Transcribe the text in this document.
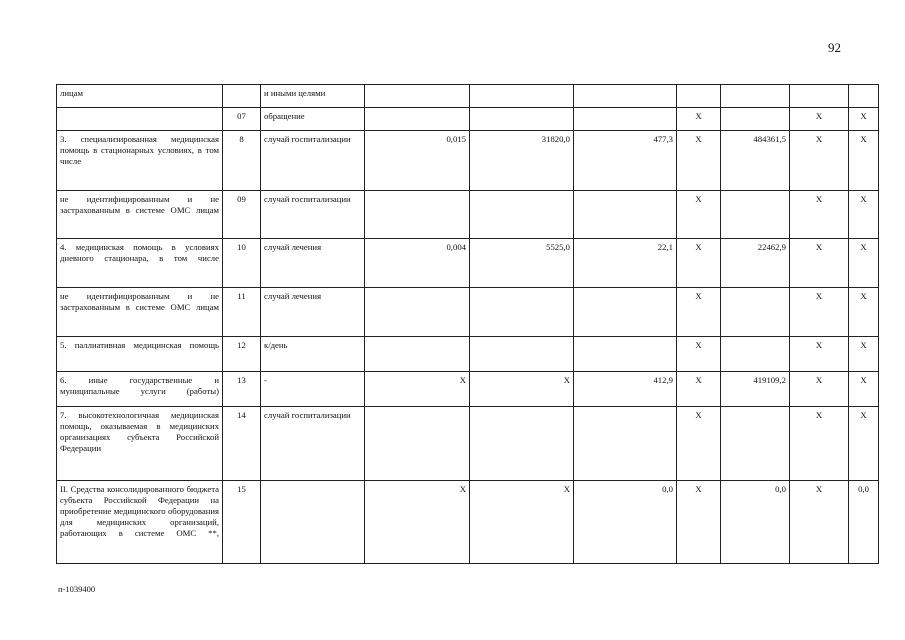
92
лицам		и иными целями							
	07	обращение				Х		Х	Х
3. специализированная медицинская помощь в стационарных условиях, в том числе	8	случай госпитализации	0,015	31820,0	477,3	Х	484361,5	Х	Х
не идентифицированным и не застрахованным в системе ОМС лицам	09	случай госпитализации				Х		Х	Х
4. медицинская помощь в условиях дневного стационара, в том числе	10	случай лечения	0,004	5525,0	22,1	Х	22462,9	Х	Х
не идентифицированным и не застрахованным в системе ОМС лицам	11	случай лечения				Х		Х	Х
5. паллиативная медицинская помощь	12	к/день				Х		Х	Х
6. иные государственные и муниципальные услуги (работы)	13	-	Х	Х	412,9	Х	419109,2	Х	Х
7. высокотехнологичная медицинская помощь, оказываемая в медицинских организациях субъекта Российской Федерации	14	случай госпитализации				Х		Х	Х
II. Средства консолидированного бюджета субъекта Российской Федерации на приобретение медицинского оборудования для медицинских организаций, работающих в системе ОМС **,	15		Х	Х	0,0	Х	0,0	Х	0,0
п-1039400
